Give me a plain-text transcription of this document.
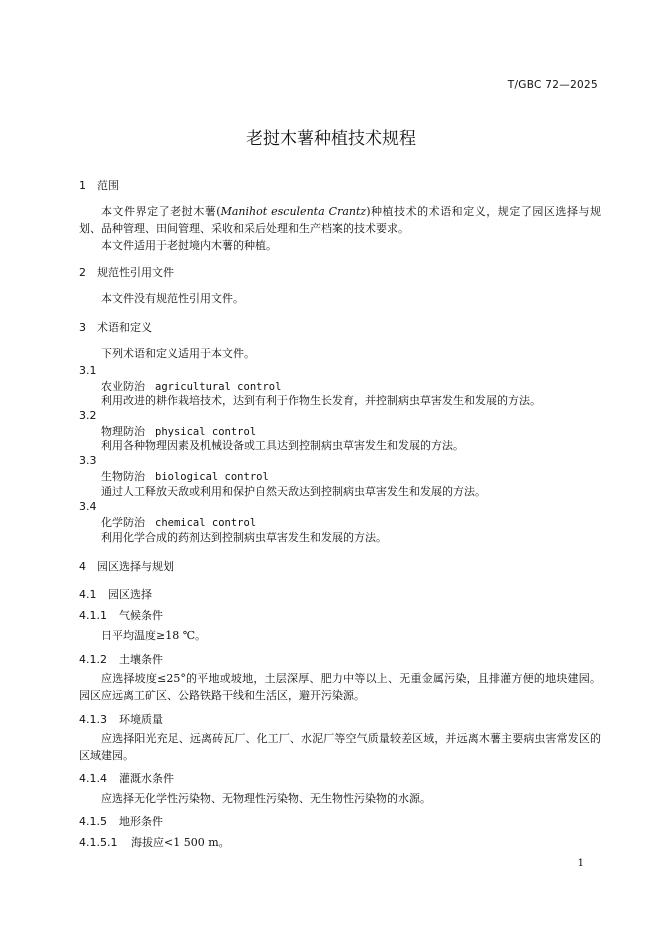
T/GBC 72—2025
老挝木薯种植技术规程
1 范围
本文件界定了老挝木薯(Manihot esculenta Crantz)种植技术的术语和定义，规定了园区选择与规划、品种管理、田间管理、采收和采后处理和生产档案的技术要求。
本文件适用于老挝境内木薯的种植。
2 规范性引用文件
本文件没有规范性引用文件。
3 术语和定义
下列术语和定义适用于本文件。
3.1
农业防治 agricultural control
利用改进的耕作栽培技术，达到有利于作物生长发育，并控制病虫草害发生和发展的方法。
3.2
物理防治 physical control
利用各种物理因素及机械设备或工具达到控制病虫草害发生和发展的方法。
3.3
生物防治 biological control
通过人工释放天敌或利用和保护自然天敌达到控制病虫草害发生和发展的方法。
3.4
化学防治 chemical control
利用化学合成的药剂达到控制病虫草害发生和发展的方法。
4 园区选择与规划
4.1 园区选择
4.1.1 气候条件
日平均温度≥18 ℃。
4.1.2 土壤条件
应选择坡度≤25°的平地或坡地，土层深厚、肥力中等以上、无重金属污染，且排灌方便的地块建园。园区应远离工矿区、公路铁路干线和生活区，避开污染源。
4.1.3 环境质量
应选择阳光充足、远离砖瓦厂、化工厂、水泥厂等空气质量较差区域，并远离木薯主要病虫害常发区的区域建园。
4.1.4 灌溉水条件
应选择无化学性污染物、无物理性污染物、无生物性污染物的水源。
4.1.5 地形条件
4.1.5.1 海拔应<1 500 m。
1
